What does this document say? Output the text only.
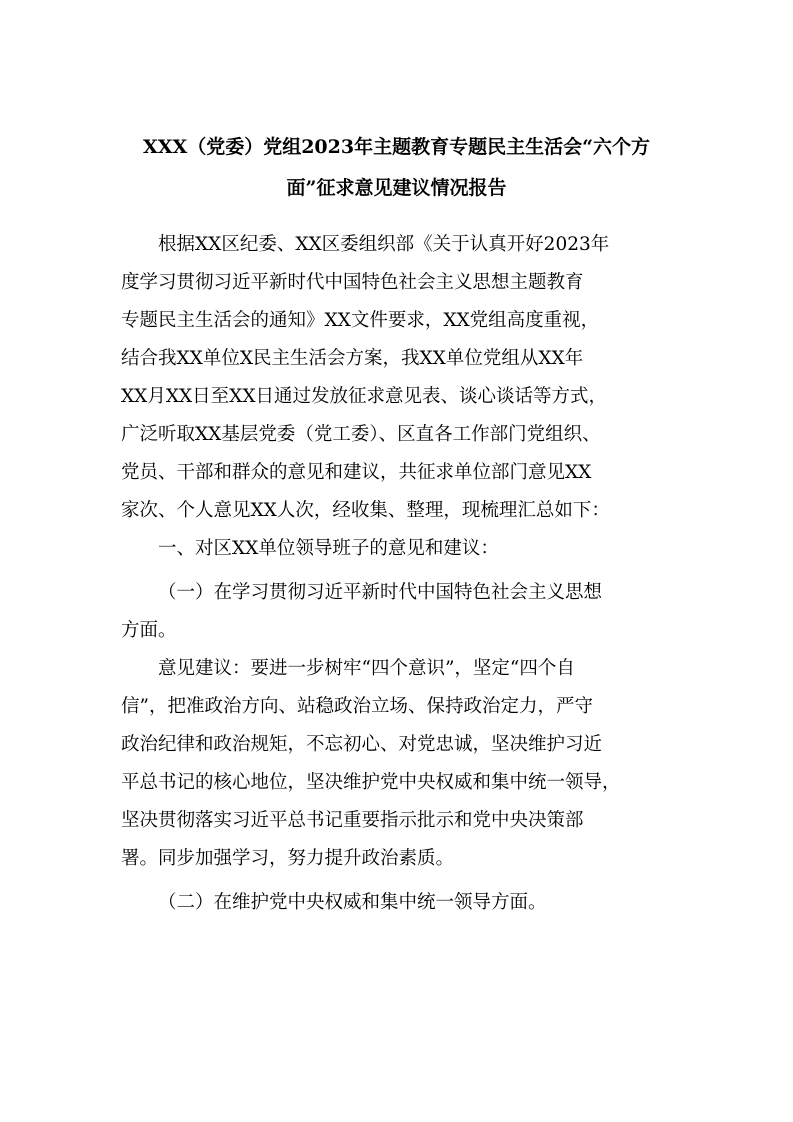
XXX（党委）党组2023年主题教育专题民主生活会“六个方
面”征求意见建议情况报告
根据XX区纪委、XX区委组织部《关于认真开好2023年
度学习贯彻习近平新时代中国特色社会主义思想主题教育
专题民主生活会的通知》XX文件要求，XX党组高度重视，
结合我XX单位X民主生活会方案，我XX单位党组从XX年
XX月XX日至XX日通过发放征求意见表、谈心谈话等方式，
广泛听取XX基层党委（党工委）、区直各工作部门党组织、
党员、干部和群众的意见和建议，共征求单位部门意见XX
家次、个人意见XX人次，经收集、整理，现梳理汇总如下：
一、对区XX单位领导班子的意见和建议：
（一）在学习贯彻习近平新时代中国特色社会主义思想
方面。
意见建议：要进一步树牢“四个意识”，坚定“四个自
信”，把准政治方向、站稳政治立场、保持政治定力，严守
政治纪律和政治规矩，不忘初心、对党忠诚，坚决维护习近
平总书记的核心地位，坚决维护党中央权威和集中统一领导，
坚决贯彻落实习近平总书记重要指示批示和党中央决策部
署。同步加强学习，努力提升政治素质。
（二）在维护党中央权威和集中统一领导方面。
